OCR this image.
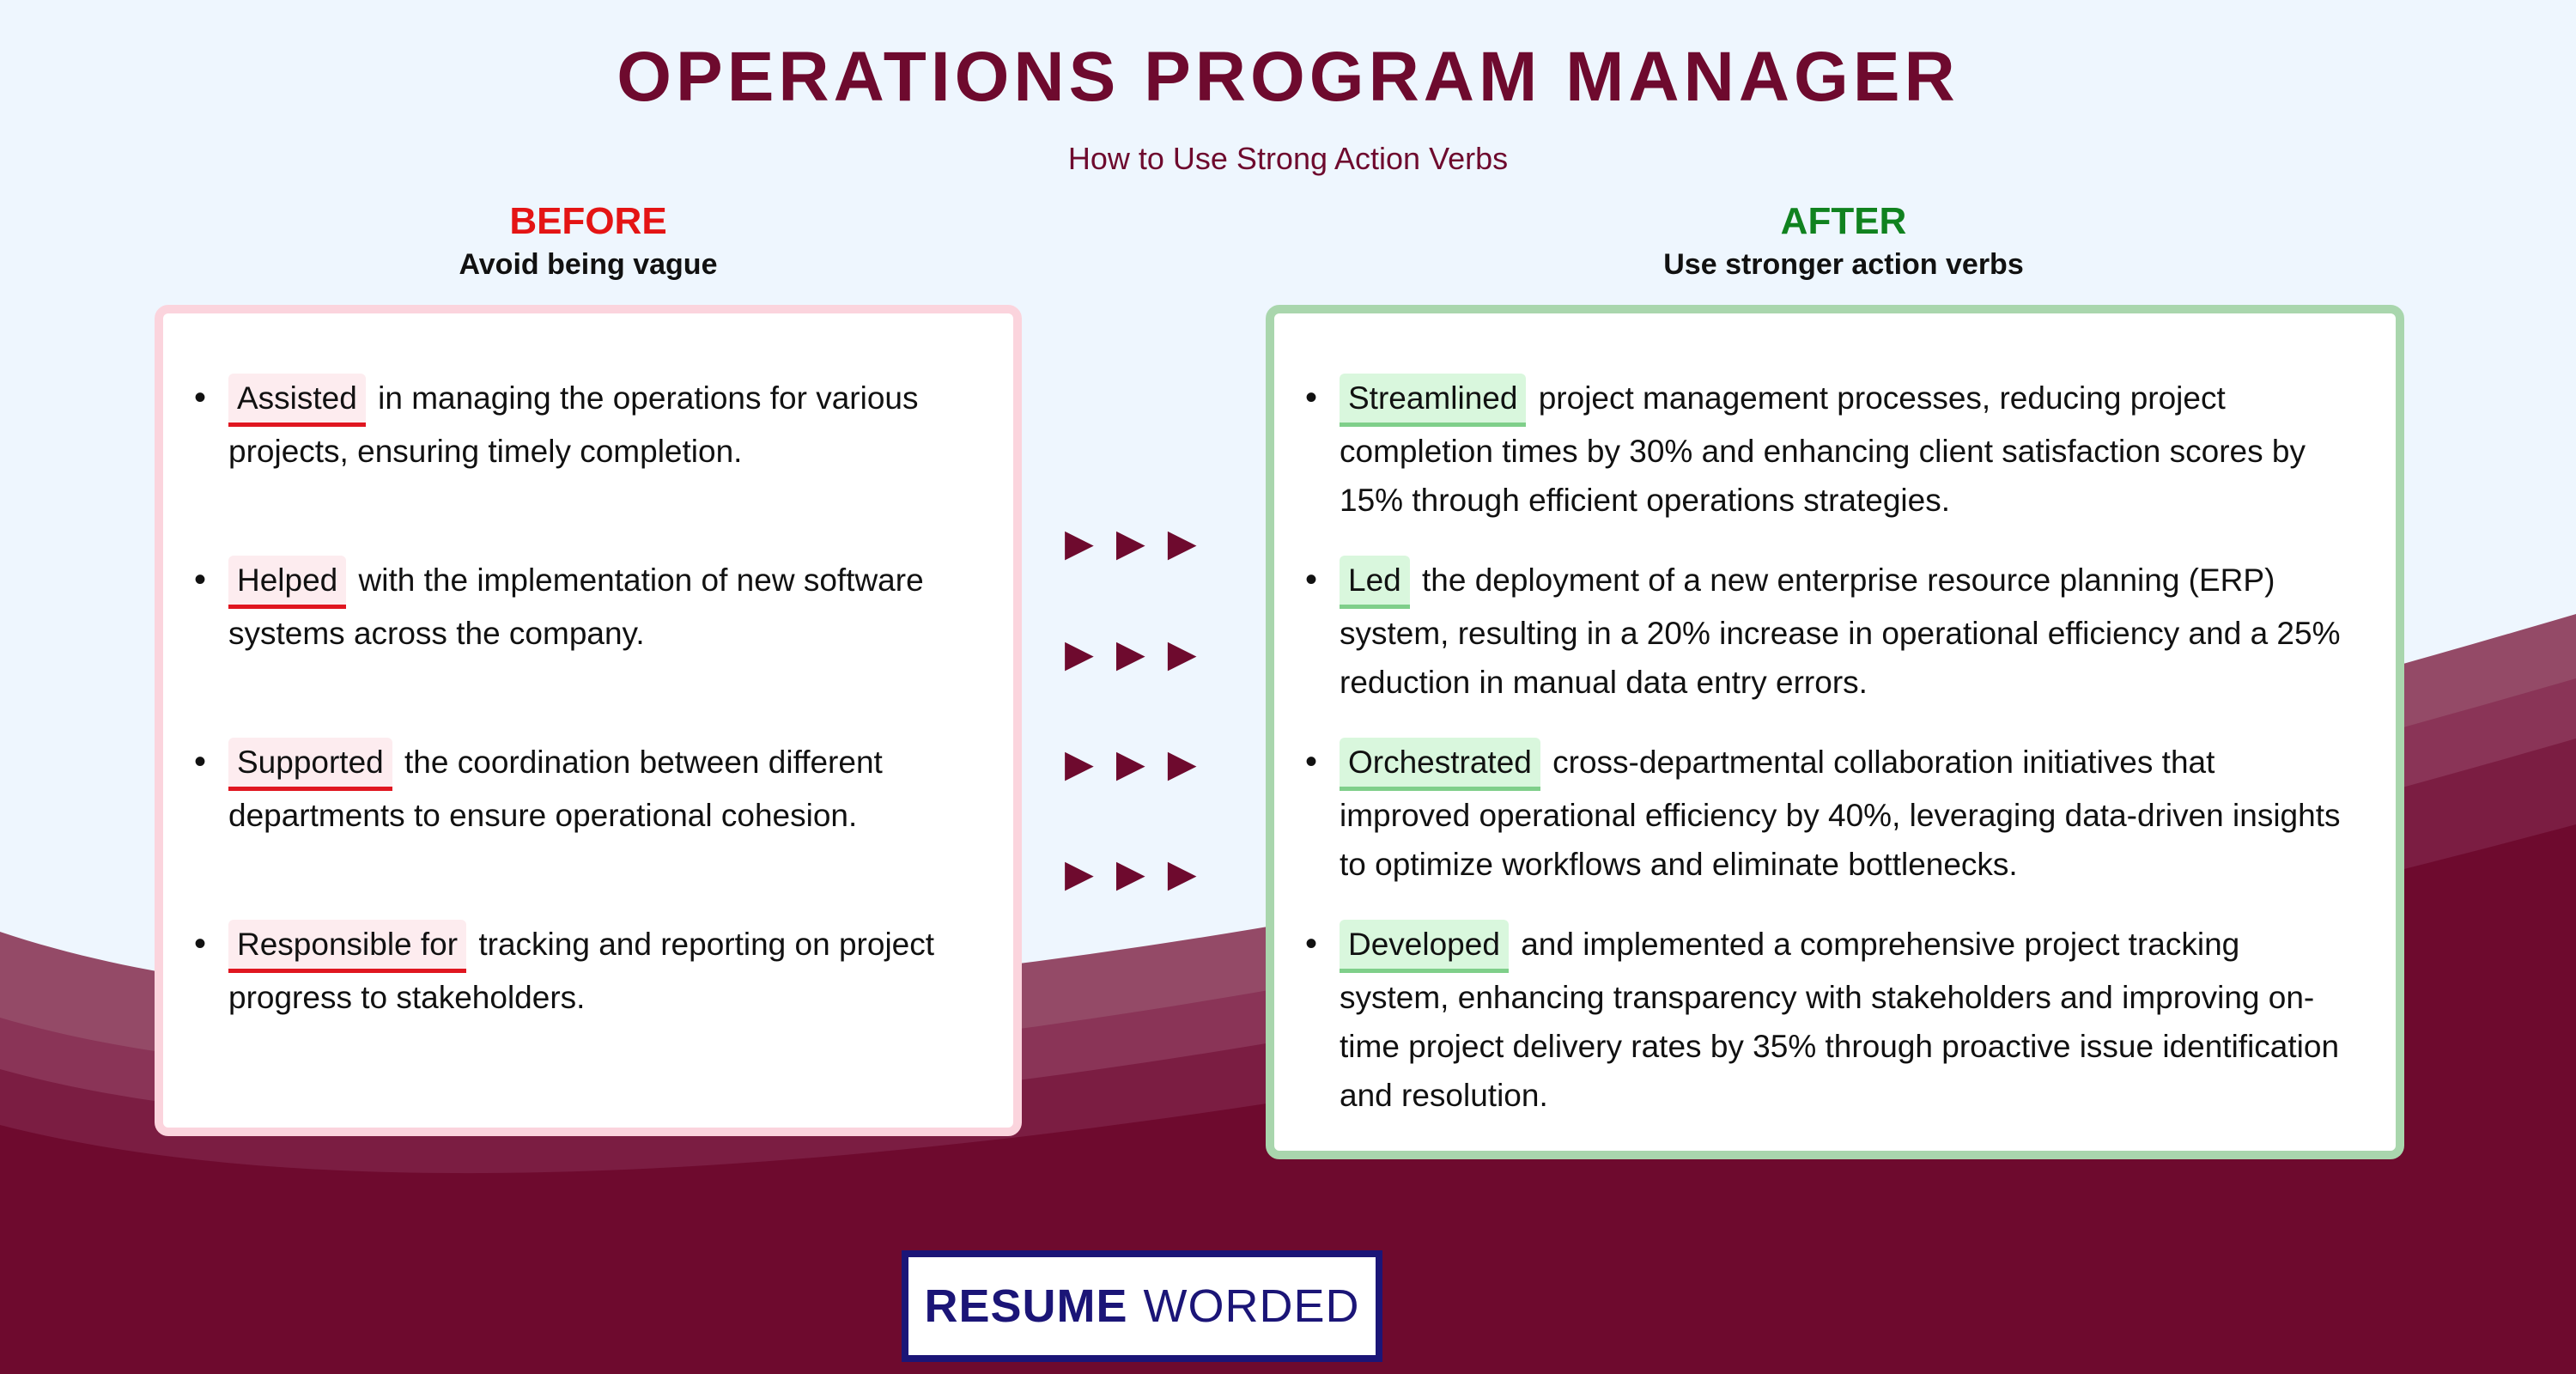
OPERATIONS PROGRAM MANAGER
How to Use Strong Action Verbs
BEFORE
Avoid being vague
AFTER
Use stronger action verbs
• Assisted in managing the operations for various projects, ensuring timely completion.
• Helped with the implementation of new software systems across the company.
• Supported the coordination between different departments to ensure operational cohesion.
• Responsible for tracking and reporting on project progress to stakeholders.
▶ ▶ ▶
▶ ▶ ▶
▶ ▶ ▶
▶ ▶ ▶
• Streamlined project management processes, reducing project completion times by 30% and enhancing client satisfaction scores by 15% through efficient operations strategies.
• Led the deployment of a new enterprise resource planning (ERP) system, resulting in a 20% increase in operational efficiency and a 25% reduction in manual data entry errors.
• Orchestrated cross-departmental collaboration initiatives that improved operational efficiency by 40%, leveraging data-driven insights to optimize workflows and eliminate bottlenecks.
• Developed and implemented a comprehensive project tracking system, enhancing transparency with stakeholders and improving on-time project delivery rates by 35% through proactive issue identification and resolution.
RESUME WORDED
